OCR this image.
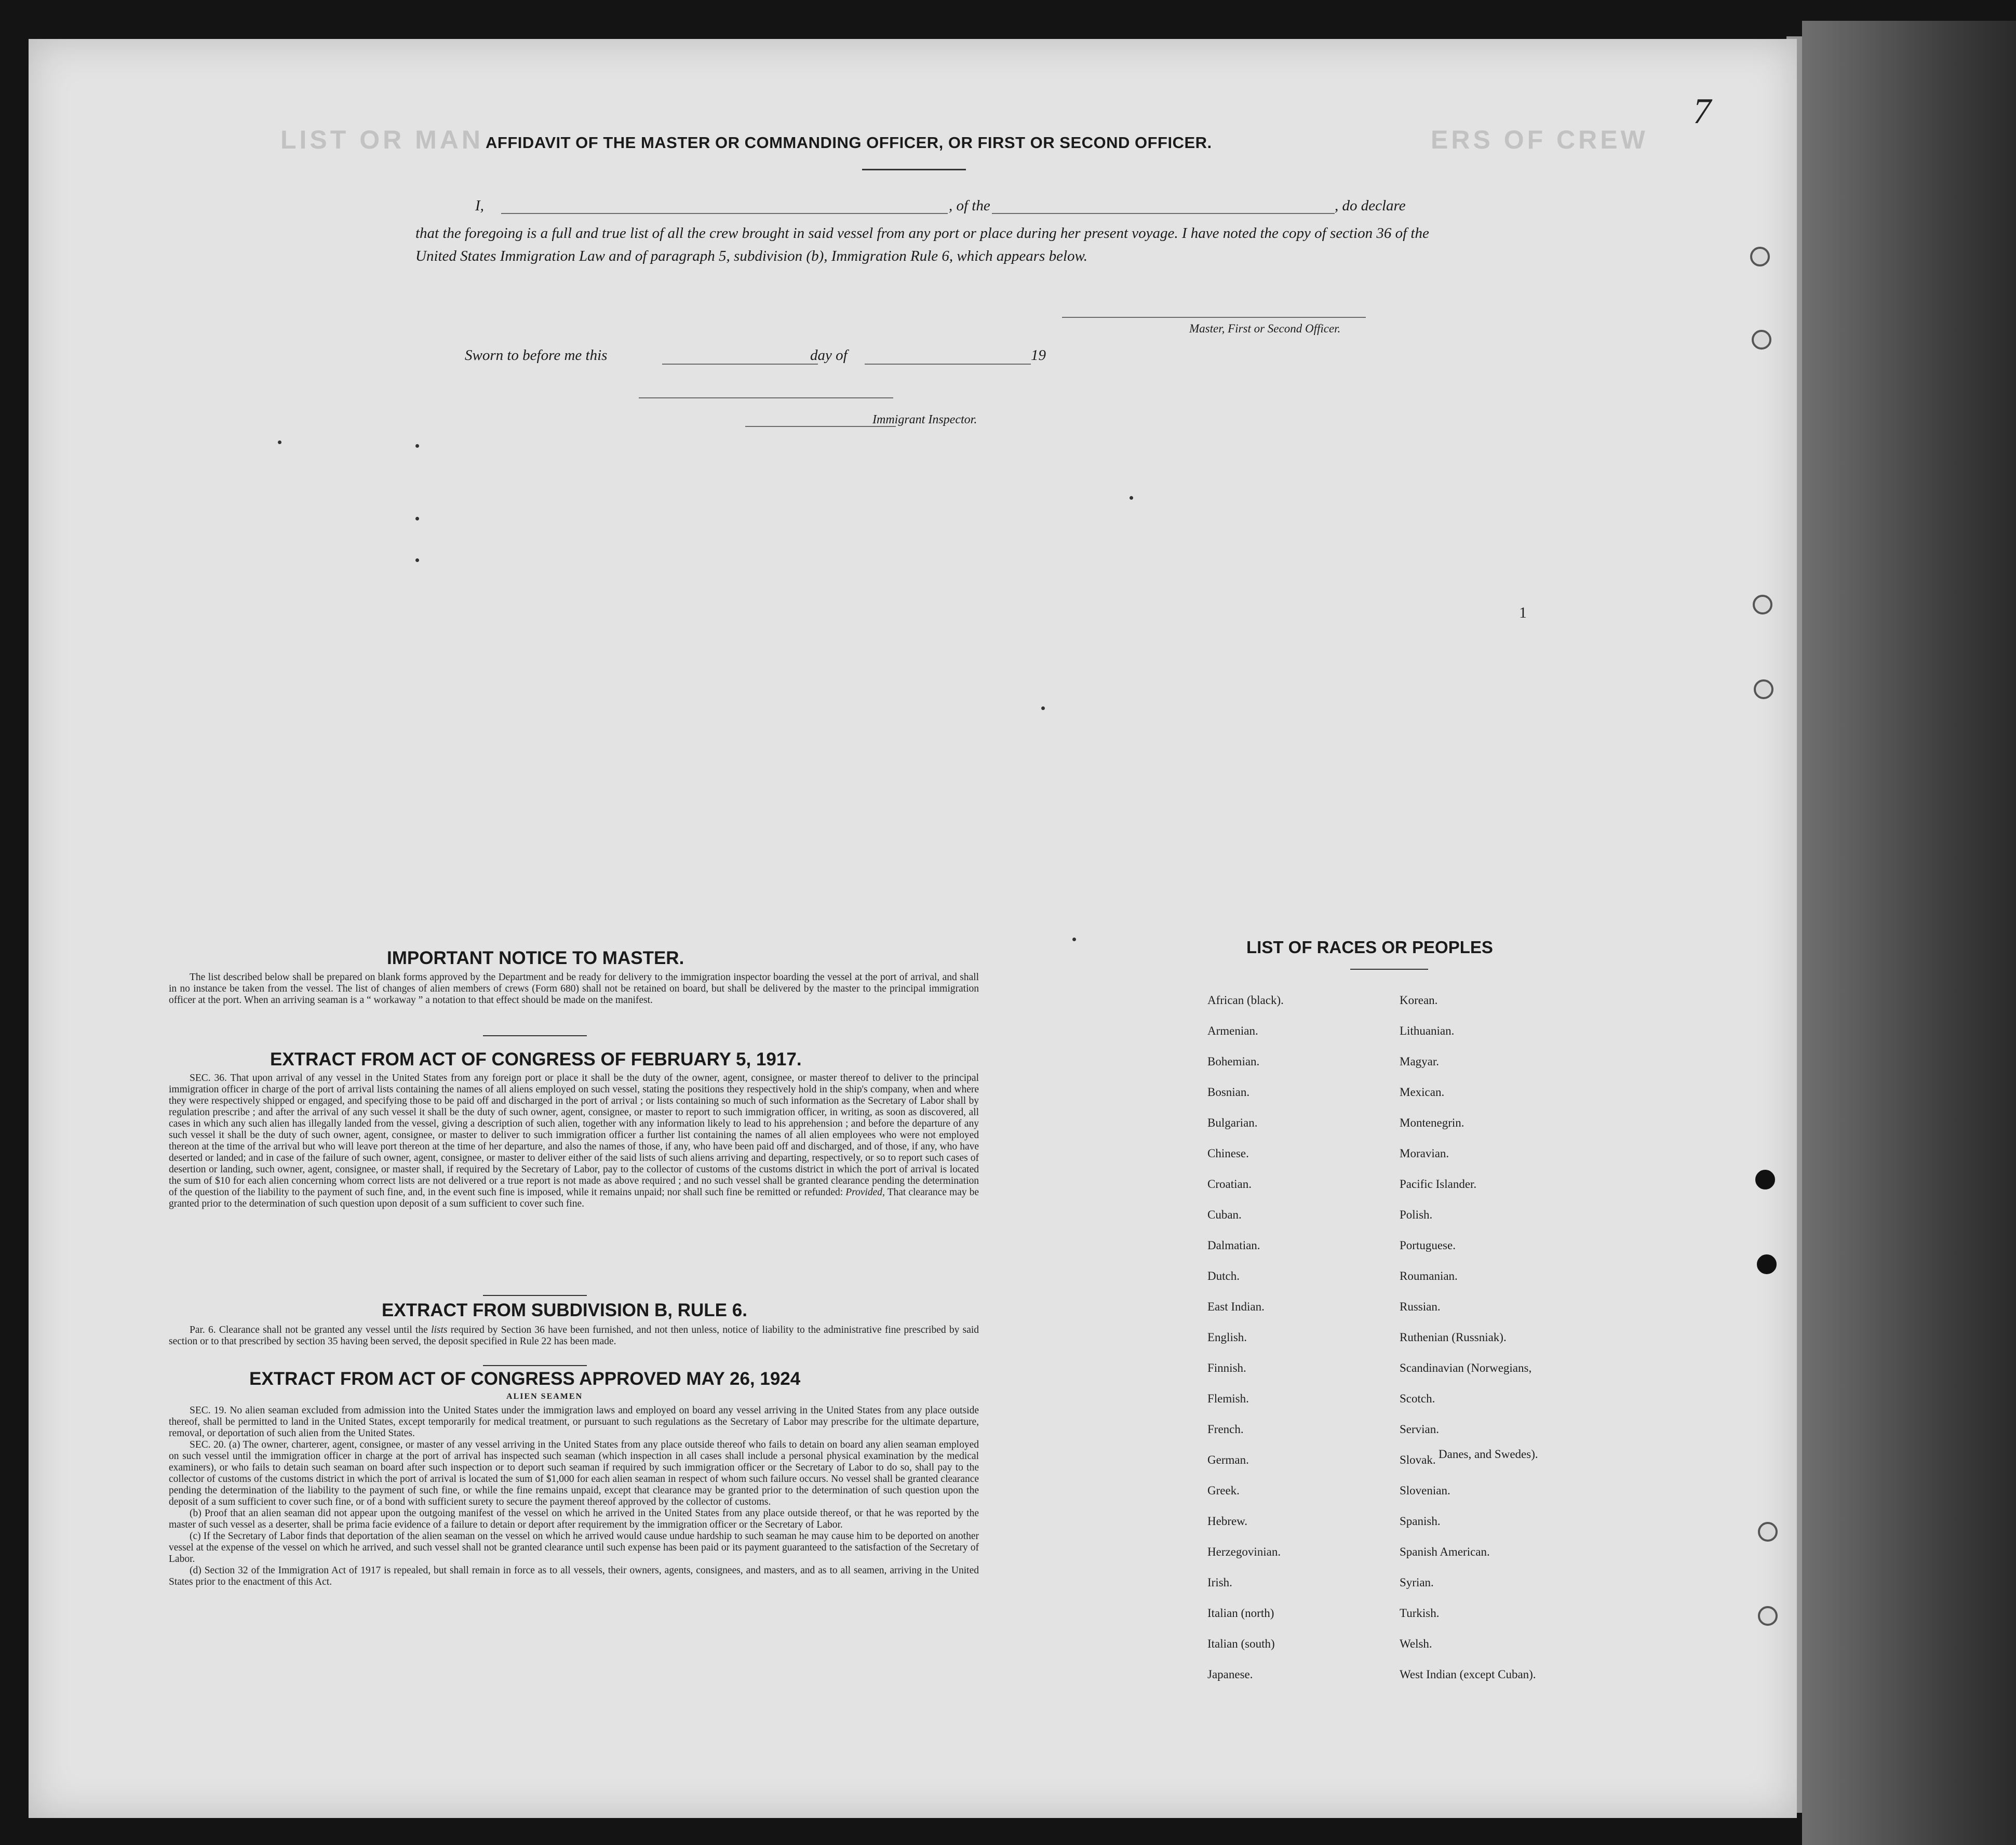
LIST OR MAN	ERS OF CREW
7
AFFIDAVIT OF THE MASTER OR COMMANDING OFFICER, OR FIRST OR SECOND OFFICER.
I,	, of the	, do declare
that the foregoing is a full and true list of all the crew brought in said vessel from any port or place during her present voyage. I have noted the copy of section 36 of the United States Immigration Law and of paragraph 5, subdivision (b), Immigration Rule 6, which appears below.
Master, First or Second Officer.
Sworn to before me this	day of	19
Immigrant Inspector.
1
IMPORTANT NOTICE TO MASTER.

The list described below shall be prepared on blank forms approved by the Department and be ready for delivery to the immigration inspector boarding the vessel at the port of arrival, and shall in no instance be taken from the vessel. The list of changes of alien members of crews (Form 680) shall not be retained on board, but shall be delivered by the master to the principal immigration officer at the port. When an arriving seaman is a “ workaway ” a notation to that effect should be made on the manifest.

EXTRACT FROM ACT OF CONGRESS OF FEBRUARY 5, 1917.

SEC. 36. That upon arrival of any vessel in the United States from any foreign port or place it shall be the duty of the owner, agent, consignee, or master thereof to deliver to the principal immigration officer in charge of the port of arrival lists containing the names of all aliens employed on such vessel, stating the positions they respectively hold in the ship's company, when and where they were respectively shipped or engaged, and specifying those to be paid off and discharged in the port of arrival ; or lists containing so much of such information as the Secretary of Labor shall by regulation prescribe ; and after the arrival of any such vessel it shall be the duty of such owner, agent, consignee, or master to report to such immigration officer, in writing, as soon as discovered, all cases in which any such alien has illegally landed from the vessel, giving a description of such alien, together with any information likely to lead to his apprehension ; and before the departure of any such vessel it shall be the duty of such owner, agent, consignee, or master to deliver to such immigration officer a further list containing the names of all alien employees who were not employed thereon at the time of the arrival but who will leave port thereon at the time of her departure, and also the names of those, if any, who have been paid off and discharged, and of those, if any, who have deserted or landed; and in case of the failure of such owner, agent, consignee, or master to deliver either of the said lists of such aliens arriving and departing, respectively, or so to report such cases of desertion or landing, such owner, agent, consignee, or master shall, if required by the Secretary of Labor, pay to the collector of customs of the customs district in which the port of arrival is located the sum of $10 for each alien concerning whom correct lists are not delivered or a true report is not made as above required ; and no such vessel shall be granted clearance pending the determination of the question of the liability to the payment of such fine, and, in the event such fine is imposed, while it remains unpaid; nor shall such fine be remitted or refunded: Provided, That clearance may be granted prior to the determination of such question upon deposit of a sum sufficient to cover such fine.

EXTRACT FROM SUBDIVISION B, RULE 6.

Par. 6. Clearance shall not be granted any vessel until the lists required by Section 36 have been furnished, and not then unless, notice of liability to the administrative fine prescribed by said section or to that prescribed by section 35 having been served, the deposit specified in Rule 22 has been made.

EXTRACT FROM ACT OF CONGRESS APPROVED MAY 26, 1924
ALIEN SEAMEN

SEC. 19. No alien seaman excluded from admission into the United States under the immigration laws and employed on board any vessel arriving in the United States from any place outside thereof, shall be permitted to land in the United States, except temporarily for medical treatment, or pursuant to such regulations as the Secretary of Labor may prescribe for the ultimate departure, removal, or deportation of such alien from the United States.

SEC. 20. (a) The owner, charterer, agent, consignee, or master of any vessel arriving in the United States from any place outside thereof who fails to detain on board any alien seaman employed on such vessel until the immigration officer in charge at the port of arrival has inspected such seaman (which inspection in all cases shall include a personal physical examination by the medical examiners), or who fails to detain such seaman on board after such inspection or to deport such seaman if required by such immigration officer or the Secretary of Labor to do so, shall pay to the collector of customs of the customs district in which the port of arrival is located the sum of $1,000 for each alien seaman in respect of whom such failure occurs. No vessel shall be granted clearance pending the determination of the liability to the payment of such fine, or while the fine remains unpaid, except that clearance may be granted prior to the determination of such question upon the deposit of a sum sufficient to cover such fine, or of a bond with sufficient surety to secure the payment thereof approved by the collector of customs.

(b) Proof that an alien seaman did not appear upon the outgoing manifest of the vessel on which he arrived in the United States from any place outside thereof, or that he was reported by the master of such vessel as a deserter, shall be prima facie evidence of a failure to detain or deport after requirement by the immigration officer or the Secretary of Labor.

(c) If the Secretary of Labor finds that deportation of the alien seaman on the vessel on which he arrived would cause undue hardship to such seaman he may cause him to be deported on another vessel at the expense of the vessel on which he arrived, and such vessel shall not be granted clearance until such expense has been paid or its payment guaranteed to the satisfaction of the Secretary of Labor.

(d) Section 32 of the Immigration Act of 1917 is repealed, but shall remain in force as to all vessels, their owners, agents, consignees, and masters, and as to all seamen, arriving in the United States prior to the enactment of this Act.

LIST OF RACES OR PEOPLES
African (black).
Armenian.
Bohemian.
Bosnian.
Bulgarian.
Chinese.
Croatian.
Cuban.
Dalmatian.
Dutch.
East Indian.
English.
Finnish.
Flemish.
French.
German.
Greek.
Hebrew.
Herzegovinian.
Irish.
Italian (north)
Italian (south)
Japanese.
Korean.
Lithuanian.
Magyar.
Mexican.
Montenegrin.
Moravian.
Pacific Islander.
Polish.
Portuguese.
Roumanian.
Russian.
Ruthenian (Russniak).
Scandinavian (Norwegians,
Scotch.
Servian.
Slovak.
Slovenian.
Spanish.
Spanish American.
Syrian.
Turkish.
Welsh.
West Indian (except Cuban).
Danes, and Swedes).
